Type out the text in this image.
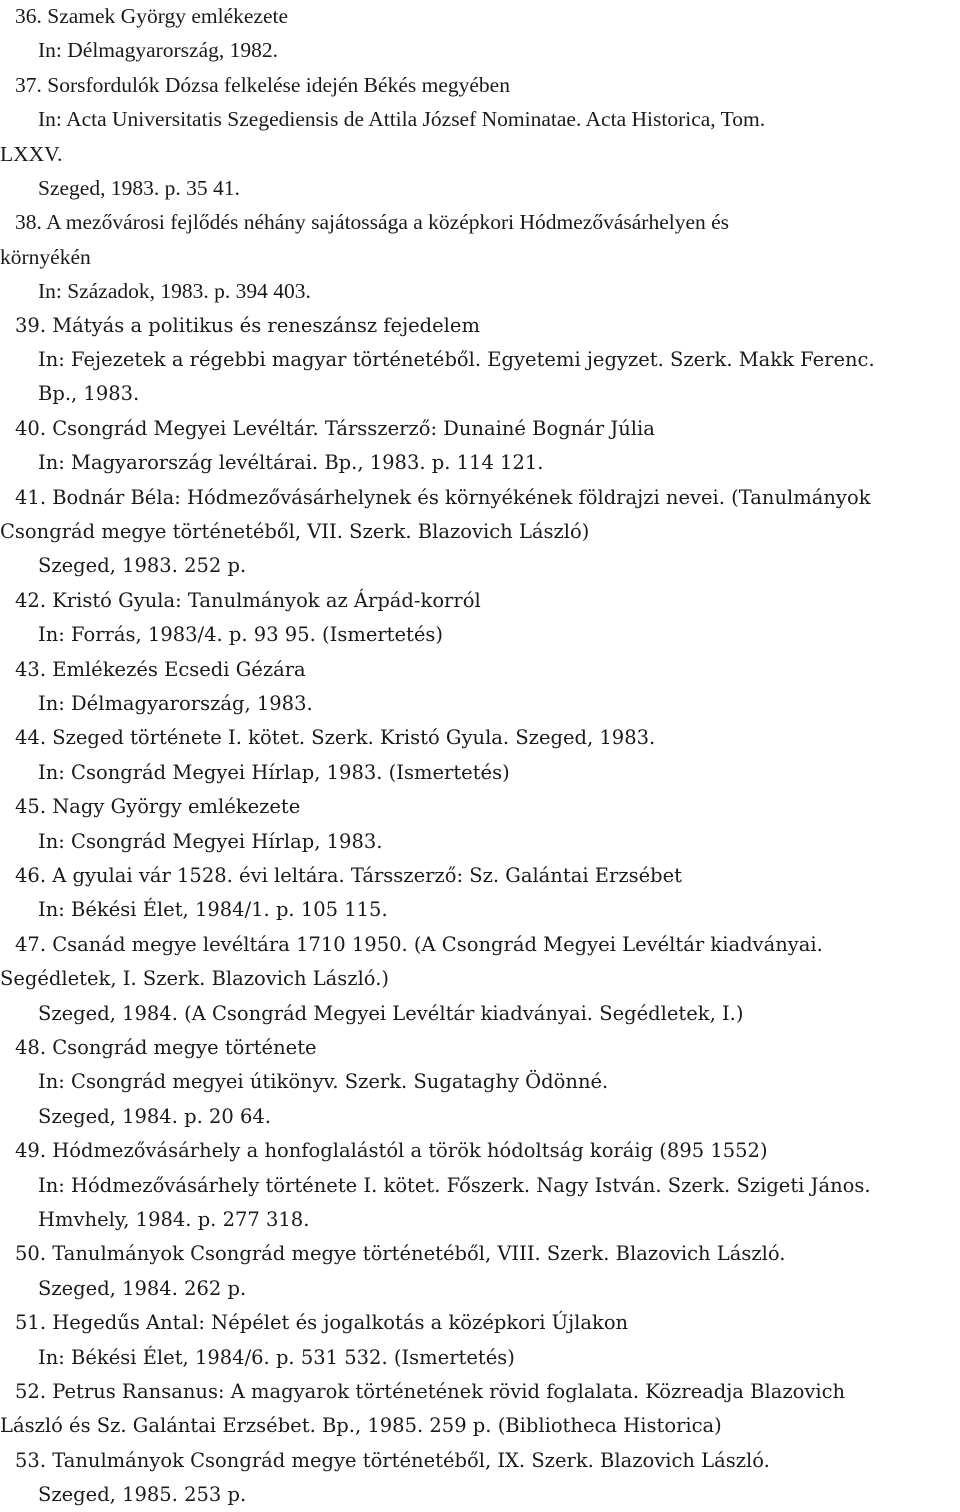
36. Szamek György emlékezete
In: Délmagyarország, 1982.
37. Sorsfordulók Dózsa felkelése idején Békés megyében
In: Acta Universitatis Szegediensis de Attila József Nominatae. Acta Historica, Tom.
LXXV.
Szeged, 1983. p. 35 41.
38. A mezővárosi fejlődés néhány sajátossága a középkori Hódmezővásárhelyen és
környékén
In: Századok, 1983. p. 394 403.
39. Mátyás a politikus és reneszánsz fejedelem
In: Fejezetek a régebbi magyar történetéből. Egyetemi jegyzet. Szerk. Makk Ferenc.
Bp., 1983.
40. Csongrád Megyei Levéltár. Társszerző: Dunainé Bognár Júlia
In: Magyarország levéltárai. Bp., 1983. p. 114 121.
41. Bodnár Béla: Hódmezővásárhelynek és környékének földrajzi nevei. (Tanulmányok
Csongrád megye történetéből, VII. Szerk. Blazovich László)
Szeged, 1983. 252 p.
42. Kristó Gyula: Tanulmányok az Árpád-korról
In: Forrás, 1983/4. p. 93 95. (Ismertetés)
43. Emlékezés Ecsedi Gézára
In: Délmagyarország, 1983.
44. Szeged története I. kötet. Szerk. Kristó Gyula. Szeged, 1983.
In: Csongrád Megyei Hírlap, 1983. (Ismertetés)
45. Nagy György emlékezete
In: Csongrád Megyei Hírlap, 1983.
46. A gyulai vár 1528. évi leltára. Társszerző: Sz. Galántai Erzsébet
In: Békési Élet, 1984/1. p. 105 115.
47. Csanád megye levéltára 1710 1950. (A Csongrád Megyei Levéltár kiadványai.
Segédletek, I. Szerk. Blazovich László.)
Szeged, 1984. (A Csongrád Megyei Levéltár kiadványai. Segédletek, I.)
48. Csongrád megye története
In: Csongrád megyei útikönyv. Szerk. Sugataghy Ödönné.
Szeged, 1984. p. 20 64.
49. Hódmezővásárhely a honfoglalástól a török hódoltság koráig (895 1552)
In: Hódmezővásárhely története I. kötet. Főszerk. Nagy István. Szerk. Szigeti János.
Hmvhely, 1984. p. 277 318.
50. Tanulmányok Csongrád megye történetéből, VIII. Szerk. Blazovich László.
Szeged, 1984. 262 p.
51. Hegedűs Antal: Népélet és jogalkotás a középkori Újlakon
In: Békési Élet, 1984/6. p. 531 532. (Ismertetés)
52. Petrus Ransanus: A magyarok történetének rövid foglalata. Közreadja Blazovich
László és Sz. Galántai Erzsébet. Bp., 1985. 259 p. (Bibliotheca Historica)
53. Tanulmányok Csongrád megye történetéből, IX. Szerk. Blazovich László.
Szeged, 1985. 253 p.
